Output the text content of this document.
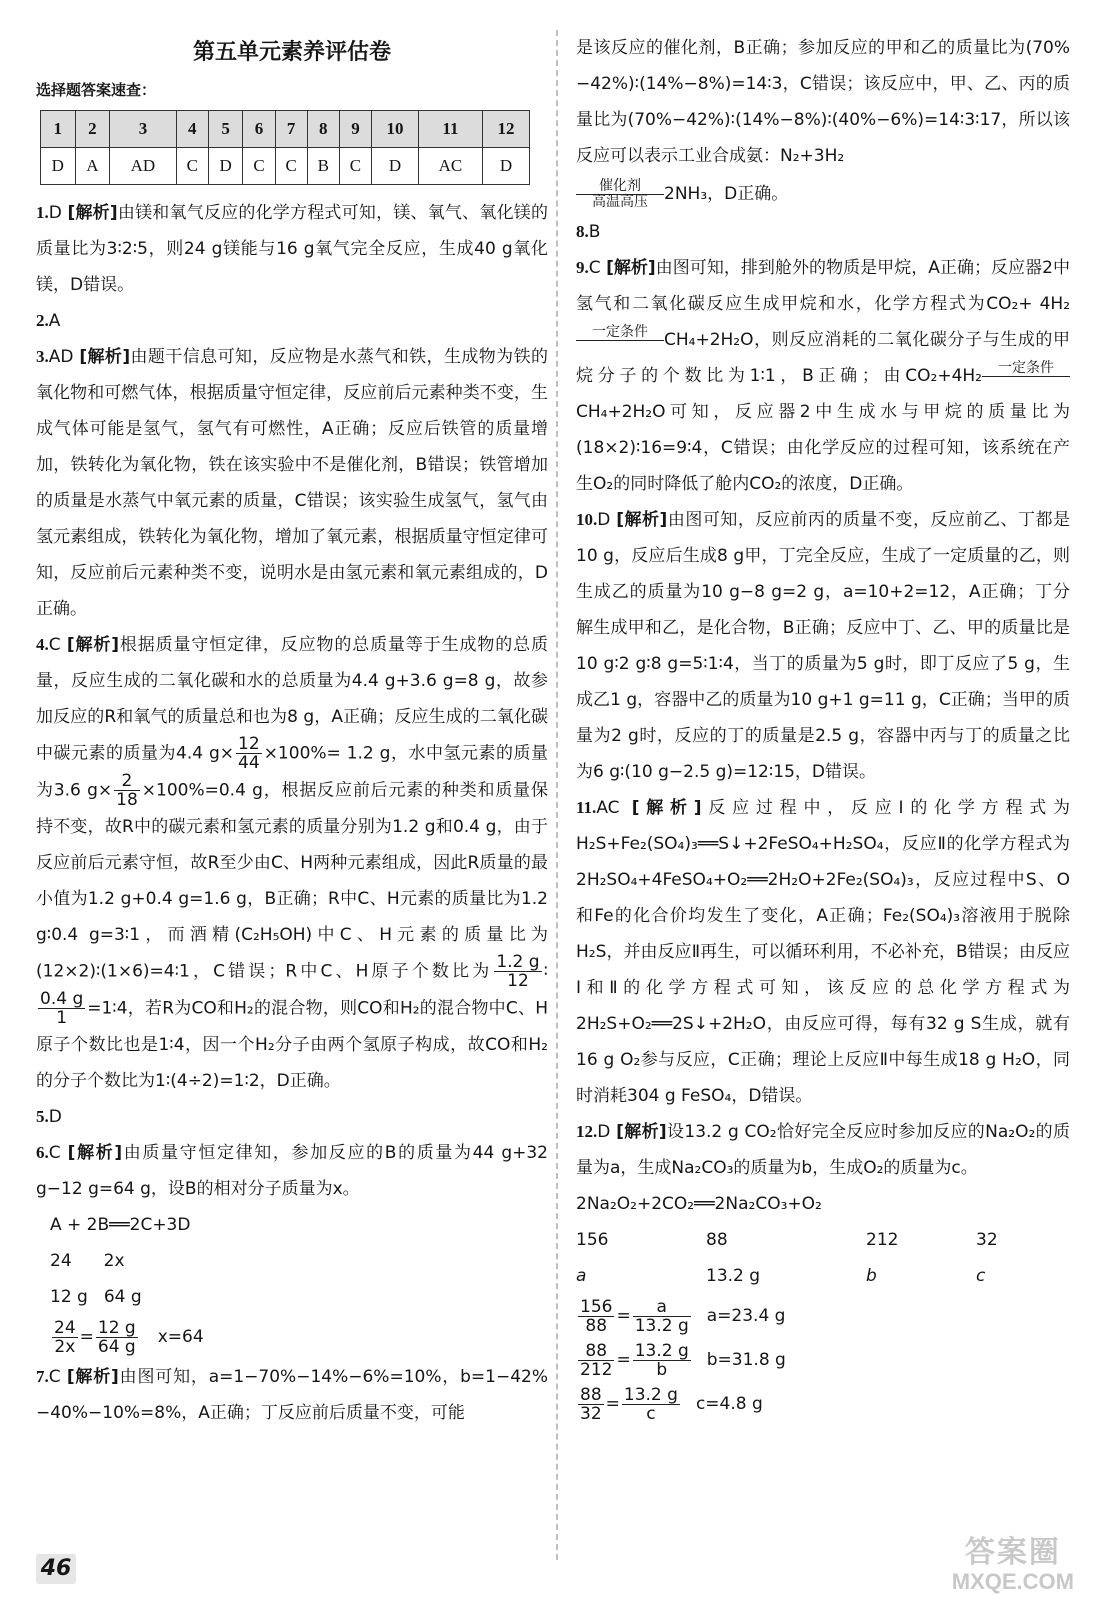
第五单元素养评估卷
选择题答案速查：
1	2	3	4	5	6	7	8	9	10	11	12
D	A	AD	C	D	C	C	B	C	D	AC	D

1.D [解析]由镁和氧气反应的化学方程式可知，镁、氧气、氧化镁的质量比为3∶2∶5，则24 g镁能与16 g氧气完全反应，生成40 g氧化镁，D错误。

2.A

3.AD [解析]由题干信息可知，反应物是水蒸气和铁，生成物为铁的氧化物和可燃气体，根据质量守恒定律，反应前后元素种类不变，生成气体可能是氢气，氢气有可燃性，A正确；反应后铁管的质量增加，铁转化为氧化物，铁在该实验中不是催化剂，B错误；铁管增加的质量是水蒸气中氧元素的质量，C错误；该实验生成氢气，氢气由氢元素组成，铁转化为氧化物，增加了氧元素，根据质量守恒定律可知，反应前后元素种类不变，说明水是由氢元素和氧元素组成的，D正确。

4.C [解析]根据质量守恒定律，反应物的总质量等于生成物的总质量，反应生成的二氧化碳和水的总质量为4.4 g+3.6 g=8 g，故参加反应的R和氧气的质量总和也为8 g，A正确；反应生成的二氧化碳中碳元素的质量为4.4 $g\times \frac{12}{44} \times 100\%= 1.2$ g，水中氢元素的质量为3.6 $g\times \frac{2}{18} \times 100\%=0.4$ g，根据反应前后元素的种类和质量保持不变，故R中的碳元素和氢元素的质量分别为1.2 g和0.4 g，由于反应前后元素守恒，故R至少由C、H两种元素组成，因此R质量的最小值为1.2 g+0.4 g=1.6 g，B正确；R中C、H元素的质量比为1.2 g∶0.4 g=3∶1，而酒精(C₂H₅OH)中C、H元素的质量比为(12×2)∶(1×6)=4∶1，C错误；R中C、H原子个数比为 $\frac{1.2 g}{12}$ ∶
$\frac{0.4 g}{1}$ =1∶4，若R为CO和H₂的混合物，则CO和H₂的混合物中C、H原子个数比也是1∶4，因一个H₂分子由两个氢原子构成，故CO和H₂的分子个数比为1∶(4÷2)=1∶2，D正确。

5.D

6.C [解析]由质量守恒定律知，参加反应的B的质量为44 g+32 g−12 g=64 g，设B的相对分子质量为x。

A + 2B══2C+3D

24 2x

12 g 64 g

$\frac{24}{2x} = \frac{12 g}{64 g} x=64$

7.C [解析]由图可知，a=1−70%−14%−6%=10%，b=1−42%−40%−10%=8%，A正确；丁反应前后质量不变，可能

是该反应的催化剂，B正确；参加反应的甲和乙的质量比为(70%−42%)∶(14%−8%)=14∶3，C错误；该反应中，甲、乙、丙的质量比为(70%−42%)∶(14%−8%)∶(40%−6%)=14∶3∶17，所以该反应可以表示工业合成氨：N₂+3H₂

催化剂
高温高压 2NH₃，D正确。

8.B

9.C [解析]由图可知，排到舱外的物质是甲烷，A正确；反应器2中氢气和二氧化碳反应生成甲烷和水，化学方程式为CO₂+ 4H₂
一定条件
CH₄+2H₂O，则反应消耗的二氧化碳分子与生成的甲烷分子的个数比为1∶1，B正确；由CO₂+4H₂	一定条件

CH₄+2H₂O可知，反应器2中生成水与甲烷的质量比为(18×2)∶16=9∶4，C错误；由化学反应的过程可知，该系统在产生O₂的同时降低了舱内CO₂的浓度，D正确。

10.D [解析]由图可知，反应前丙的质量不变，反应前乙、丁都是10 g，反应后生成8 g甲，丁完全反应，生成了一定质量的乙，则生成乙的质量为10 g−8 g=2 g，a=10+2=12，A正确；丁分解生成甲和乙，是化合物，B正确；反应中丁、乙、甲的质量比是10 g∶2 g∶8 g=5∶1∶4，当丁的质量为5 g时，即丁反应了5 g，生成乙1 g，容器中乙的质量为10 g+1 g=11 g，C正确；当甲的质量为2 g时，反应的丁的质量是2.5 g，容器中丙与丁的质量之比为6 g∶(10 g−2.5 g)=12∶15，D错误。

11.AC [解析]反应过程中，反应Ⅰ的化学方程式为H₂S+Fe₂(SO₄)₃══S↓+2FeSO₄+H₂SO₄，反应Ⅱ的化学方程式为2H₂SO₄+4FeSO₄+O₂══2H₂O+2Fe₂(SO₄)₃，反应过程中S、O和Fe的化合价均发生了变化，A正确；Fe₂(SO₄)₃溶液用于脱除H₂S，并由反应Ⅱ再生，可以循环利用，不必补充，B错误；由反应Ⅰ和Ⅱ的化学方程式可知，该反应的总化学方程式为2H₂S+O₂══2S↓+2H₂O，由反应可得，每有32 g S生成，就有16 g O₂参与反应，C正确；理论上反应Ⅱ中每生成18 g H₂O，同时消耗304 g FeSO₄，D错误。

12.D [解析]设13.2 g CO₂恰好完全反应时参加反应的Na₂O₂的质量为a，生成Na₂CO₃的质量为b，生成O₂的质量为c。

2Na₂O₂+2CO₂══2Na₂CO₃+O₂

156	88	212	32

a	13.2 g	b	c

$\frac{156}{88} = \frac{a}{13.2 g} a=23.4$ g

$\frac{88}{212} = \frac{13.2 g}{b} b=31.8$ g

$\frac{88}{32} = \frac{13.2 g}{c} c=4.8$ g

46	答案圈
MXQE.COM
